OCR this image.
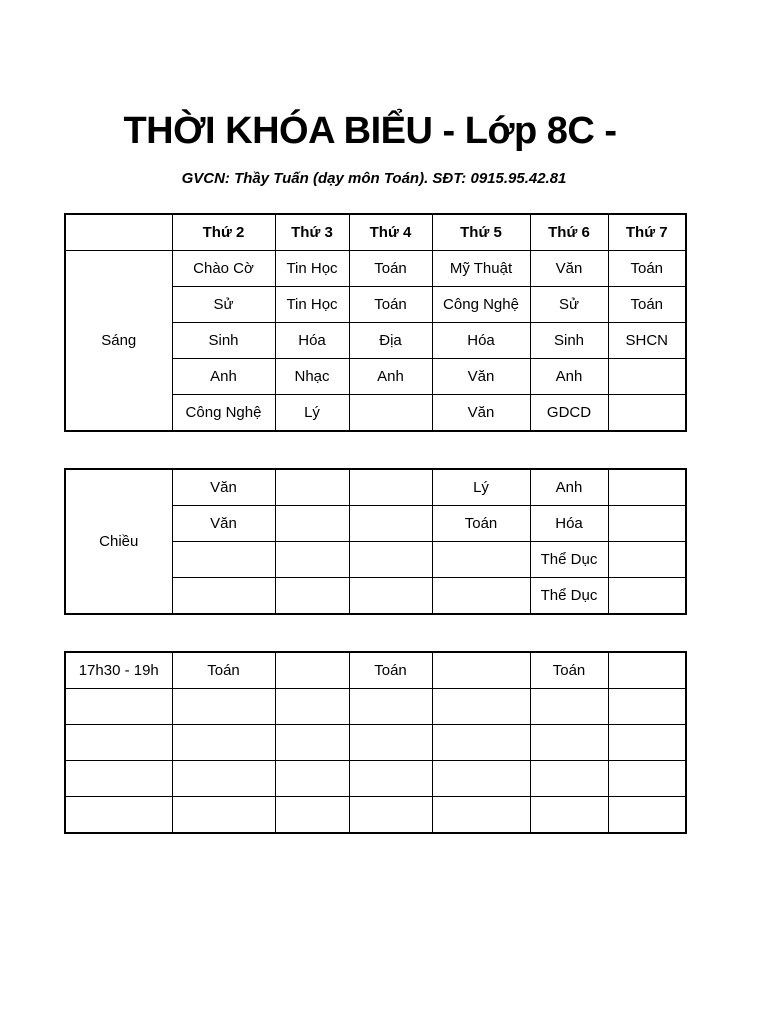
THỜI KHÓA BIỂU - Lớp 8C -
GVCN: Thầy Tuấn (dạy môn Toán). SĐT: 0915.95.42.81
	Thứ 2	Thứ 3	Thứ 4	Thứ 5	Thứ 6	Thứ 7
Sáng	Chào Cờ	Tin Học	Toán	Mỹ Thuật	Văn	Toán
	Sử	Tin Học	Toán	Công Nghệ	Sử	Toán
	Sinh	Hóa	Địa	Hóa	Sinh	SHCN
	Anh	Nhạc	Anh	Văn	Anh	
	Công Nghệ	Lý		Văn	GDCD	
Chiều	Văn			Lý	Anh	
	Văn			Toán	Hóa	
					Thể Dục	
					Thể Dục	
17h30 - 19h	Toán		Toán		Toán	
